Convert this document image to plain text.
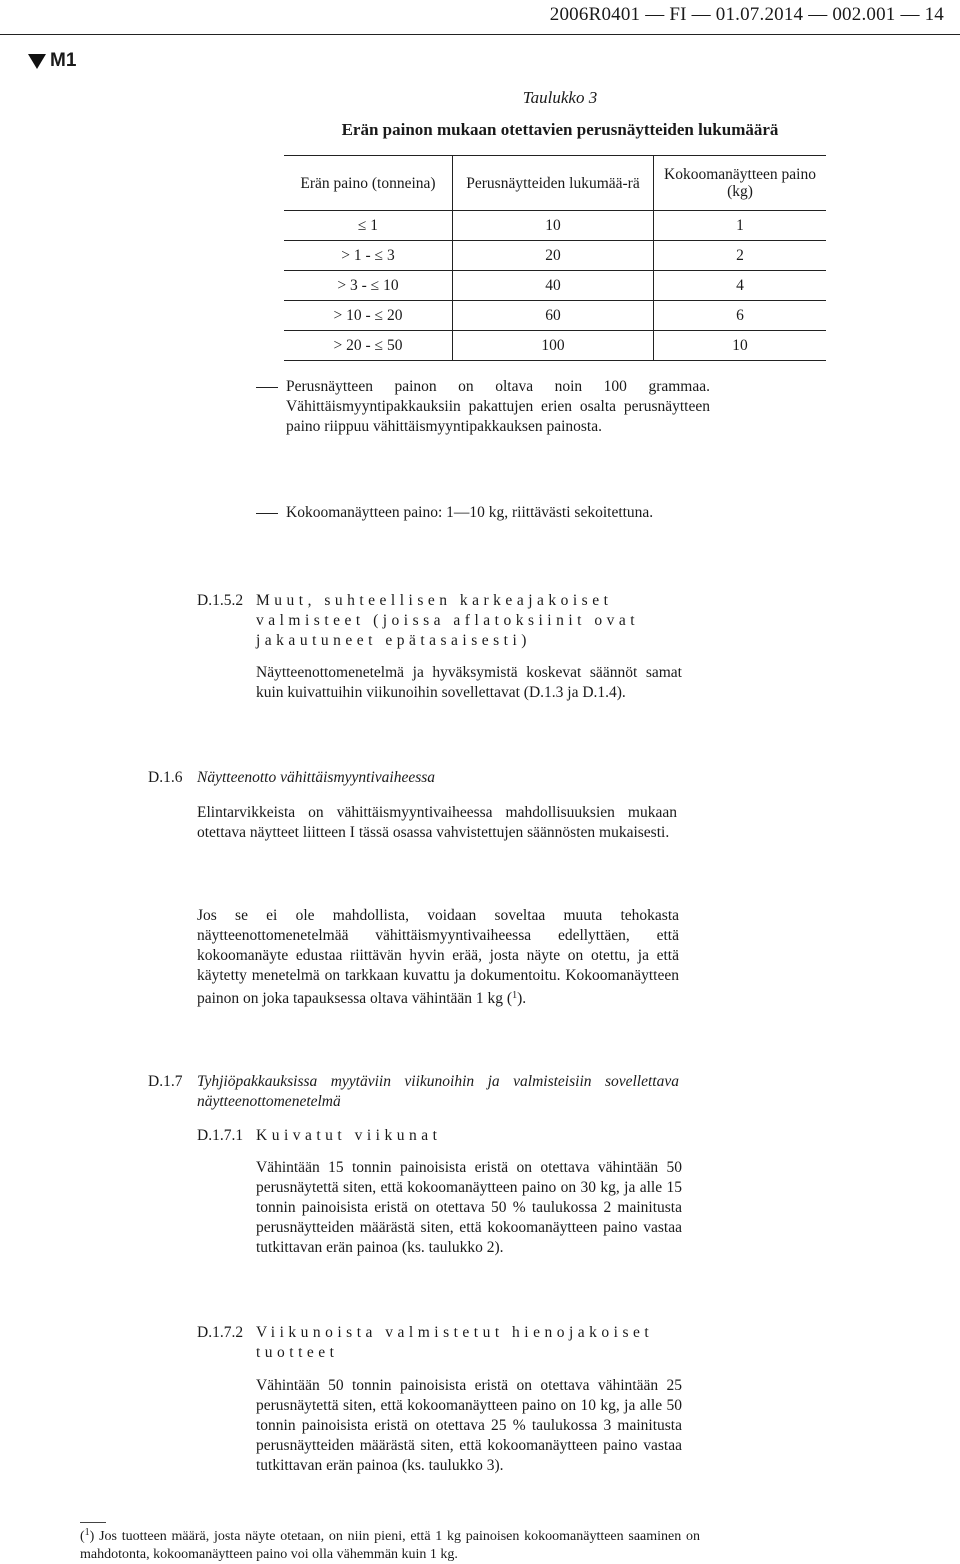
2006R0401 — FI — 01.07.2014 — 002.001 — 14
M1
Taulukko 3
Erän painon mukaan otettavien perusnäytteiden lukumäärä
Erän paino (tonneina)	Perusnäytteiden lukumää-rä	Kokoomanäytteen paino (kg)
≤ 1	10	1
> 1 - ≤ 3	20	2
> 3 - ≤ 10	40	4
> 10 - ≤ 20	60	6
> 20 - ≤ 50	100	10
Perusnäytteen painon on oltava noin 100 grammaa. Vähittäismyyntipakkauksiin pakattujen erien osalta perusnäytteen paino riippuu vähittäismyyntipakkauksen painosta.
Kokoomanäytteen paino: 1—10 kg, riittävästi sekoitettuna.
D.1.5.2 Muut, suhteellisen karkeajakoiset valmisteet (joissa aflatoksiinit ovat jakautuneet epätasaisesti)
Näytteenottomenetelmä ja hyväksymistä koskevat säännöt samat kuin kuivattuihin viikunoihin sovellettavat (D.1.3 ja D.1.4).
D.1.6 Näytteenotto vähittäismyyntivaiheessa
Elintarvikkeista on vähittäismyyntivaiheessa mahdollisuuksien mukaan otettava näytteet liitteen I tässä osassa vahvistettujen säännösten mukaisesti.
Jos se ei ole mahdollista, voidaan soveltaa muuta tehokasta näytteenottomenetelmää vähittäismyyntivaiheessa edellyttäen, että kokoomanäyte edustaa riittävän hyvin erää, josta näyte on otettu, ja että käytetty menetelmä on tarkkaan kuvattu ja dokumentoitu. Kokoomanäytteen painon on joka tapauksessa oltava vähintään 1 kg ($^1$).
D.1.7 Tyhjiöpakkauksissa myytäviin viikunoihin ja valmisteisiin sovellettava näytteenottomenetelmä
D.1.7.1 Kuivatut viikunat
Vähintään 15 tonnin painoisista eristä on otettava vähintään 50 perusnäytettä siten, että kokoomanäytteen paino on 30 kg, ja alle 15 tonnin painoisista eristä on otettava 50 % taulukossa 2 mainitusta perusnäytteiden määrästä siten, että kokoomanäytteen paino vastaa tutkittavan erän painoa (ks. taulukko 2).
D.1.7.2 Viikunoista valmistetut hienojakoiset tuotteet
Vähintään 50 tonnin painoisista eristä on otettava vähintään 25 perusnäytettä siten, että kokoomanäytteen paino on 10 kg, ja alle 50 tonnin painoisista eristä on otettava 25 % taulukossa 3 mainitusta perusnäytteiden määrästä siten, että kokoomanäytteen paino vastaa tutkittavan erän painoa (ks. taulukko 3).
($^1$) Jos tuotteen määrä, josta näyte otetaan, on niin pieni, että 1 kg painoisen kokoomanäytteen saaminen on mahdotonta, kokoomanäytteen paino voi olla vähemmän kuin 1 kg.
